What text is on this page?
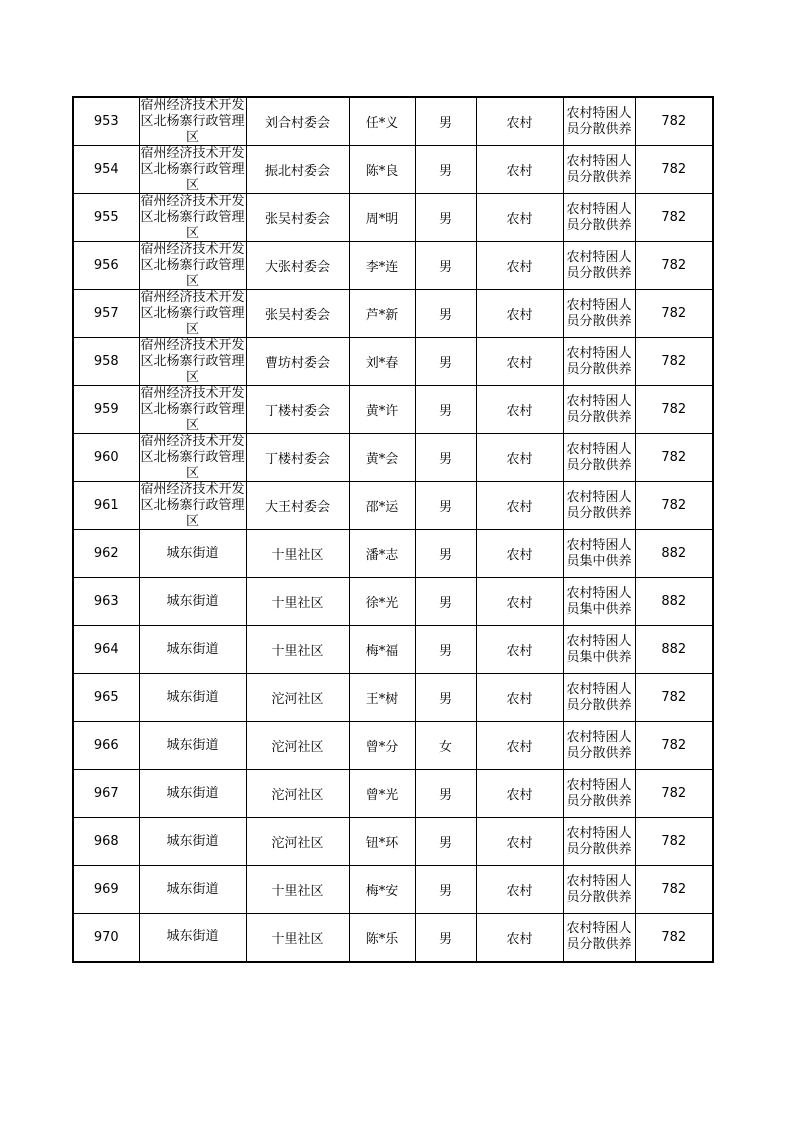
953	宿州经济技术开发区北杨寨行政管理区	刘合村委会	任*义	男	农村	农村特困人员分散供养	782
954	宿州经济技术开发区北杨寨行政管理区	振北村委会	陈*良	男	农村	农村特困人员分散供养	782
955	宿州经济技术开发区北杨寨行政管理区	张吴村委会	周*明	男	农村	农村特困人员分散供养	782
956	宿州经济技术开发区北杨寨行政管理区	大张村委会	李*连	男	农村	农村特困人员分散供养	782
957	宿州经济技术开发区北杨寨行政管理区	张吴村委会	芦*新	男	农村	农村特困人员分散供养	782
958	宿州经济技术开发区北杨寨行政管理区	曹坊村委会	刘*春	男	农村	农村特困人员分散供养	782
959	宿州经济技术开发区北杨寨行政管理区	丁楼村委会	黄*许	男	农村	农村特困人员分散供养	782
960	宿州经济技术开发区北杨寨行政管理区	丁楼村委会	黄*会	男	农村	农村特困人员分散供养	782
961	宿州经济技术开发区北杨寨行政管理区	大王村委会	邵*运	男	农村	农村特困人员分散供养	782
962	城东街道	十里社区	潘*志	男	农村	农村特困人员集中供养	882
963	城东街道	十里社区	徐*光	男	农村	农村特困人员集中供养	882
964	城东街道	十里社区	梅*福	男	农村	农村特困人员集中供养	882
965	城东街道	沱河社区	王*树	男	农村	农村特困人员分散供养	782
966	城东街道	沱河社区	曾*分	女	农村	农村特困人员分散供养	782
967	城东街道	沱河社区	曾*光	男	农村	农村特困人员分散供养	782
968	城东街道	沱河社区	钮*环	男	农村	农村特困人员分散供养	782
969	城东街道	十里社区	梅*安	男	农村	农村特困人员分散供养	782
970	城东街道	十里社区	陈*乐	男	农村	农村特困人员分散供养	782
